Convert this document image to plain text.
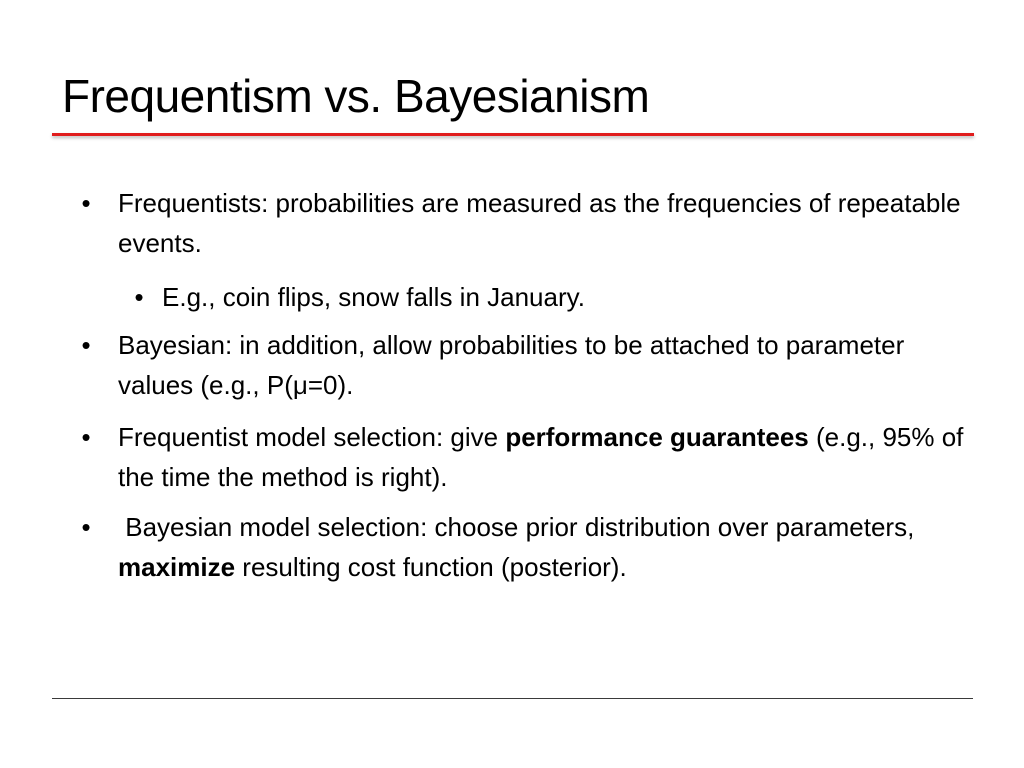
Frequentism vs. Bayesianism
• Frequentists: probabilities are measured as the frequencies of repeatable events.
• E.g., coin flips, snow falls in January.
• Bayesian: in addition, allow probabilities to be attached to parameter values (e.g., P(μ=0).
• Frequentist model selection: give performance guarantees (e.g., 95% of the time the method is right).
• Bayesian model selection: choose prior distribution over parameters, maximize resulting cost function (posterior).
